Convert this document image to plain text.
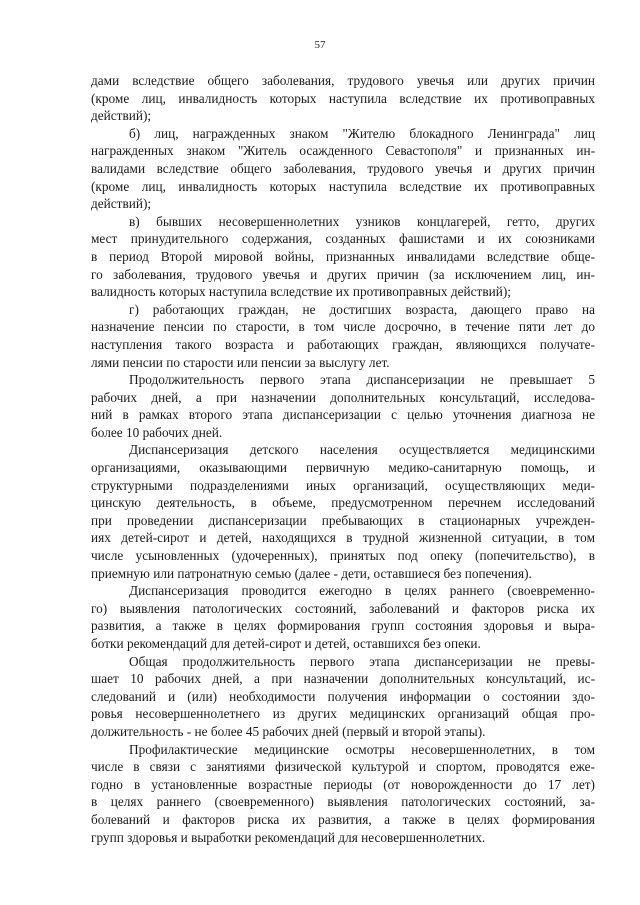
57
дами вследствие общего заболевания, трудового увечья или других причин
(кроме лиц, инвалидность которых наступила вследствие их противоправных
действий);
б) лиц, награжденных знаком "Жителю блокадного Ленинграда" лиц
награжденных знаком "Житель осажденного Севастополя" и признанных ин-
валидами вследствие общего заболевания, трудового увечья и других причин
(кроме лиц, инвалидность которых наступила вследствие их противоправных
действий);
в) бывших несовершеннолетних узников концлагерей, гетто, других
мест принудительного содержания, созданных фашистами и их союзниками
в период Второй мировой войны, признанных инвалидами вследствие обще-
го заболевания, трудового увечья и других причин (за исключением лиц, ин-
валидность которых наступила вследствие их противоправных действий);
г) работающих граждан, не достигших возраста, дающего право на
назначение пенсии по старости, в том числе досрочно, в течение пяти лет до
наступления такого возраста и работающих граждан, являющихся получате-
лями пенсии по старости или пенсии за выслугу лет.
Продолжительность первого этапа диспансеризации не превышает 5
рабочих дней, а при назначении дополнительных консультаций, исследова-
ний в рамках второго этапа диспансеризации с целью уточнения диагноза не
более 10 рабочих дней.
Диспансеризация детского населения осуществляется медицинскими
организациями, оказывающими первичную медико-санитарную помощь, и
структурными подразделениями иных организаций, осуществляющих меди-
цинскую деятельность, в объеме, предусмотренном перечнем исследований
при проведении диспансеризации пребывающих в стационарных учрежден-
иях детей-сирот и детей, находящихся в трудной жизненной ситуации, в том
числе усыновленных (удочеренных), принятых под опеку (попечительство), в
приемную или патронатную семью (далее - дети, оставшиеся без попечения).
Диспансеризация проводится ежегодно в целях раннего (своевременно-
го) выявления патологических состояний, заболеваний и факторов риска их
развития, а также в целях формирования групп состояния здоровья и выра-
ботки рекомендаций для детей-сирот и детей, оставшихся без опеки.
Общая продолжительность первого этапа диспансеризации не превы-
шает 10 рабочих дней, а при назначении дополнительных консультаций, ис-
следований и (или) необходимости получения информации о состоянии здо-
ровья несовершеннолетнего из других медицинских организаций общая про-
должительность - не более 45 рабочих дней (первый и второй этапы).
Профилактические медицинские осмотры несовершеннолетних, в том
числе в связи с занятиями физической культурой и спортом, проводятся еже-
годно в установленные возрастные периоды (от новорожденности до 17 лет)
в целях раннего (своевременного) выявления патологических состояний, за-
болеваний и факторов риска их развития, а также в целях формирования
групп здоровья и выработки рекомендаций для несовершеннолетних.
